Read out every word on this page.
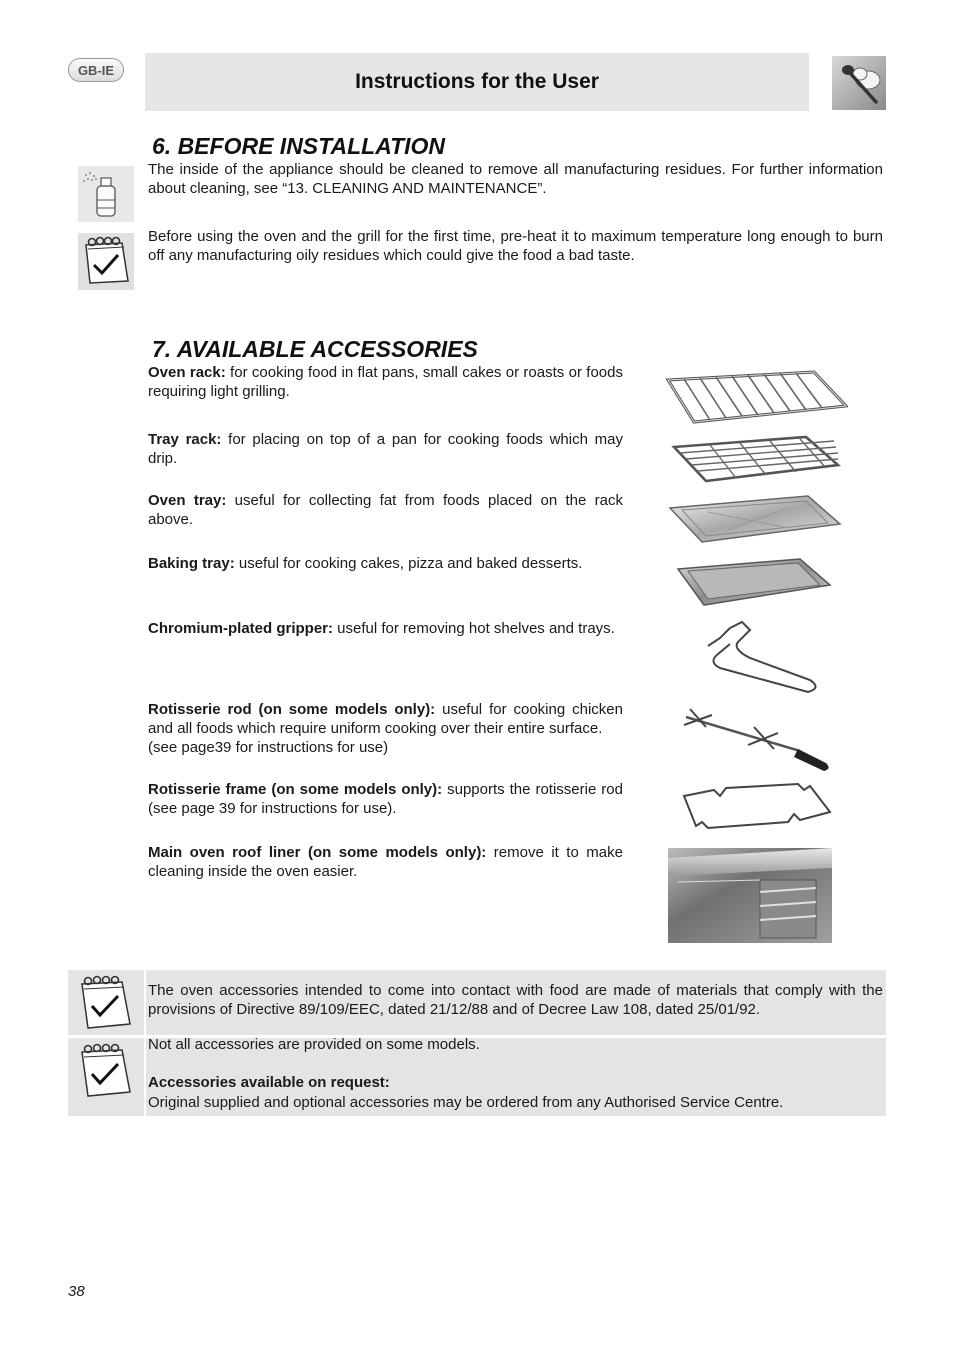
GB-IE	Instructions for the User
6. BEFORE INSTALLATION
The inside of the appliance should be cleaned to remove all manufacturing residues. For further information about cleaning, see “13. CLEANING AND MAINTENANCE”.
Before using the oven and the grill for the first time, pre-heat it to maximum temperature long enough to burn off any manufacturing oily residues which could give the food a bad taste.
7. AVAILABLE ACCESSORIES
Oven rack: for cooking food in flat pans, small cakes or roasts or foods requiring light grilling.
Tray rack: for placing on top of a pan for cooking foods which may drip.
Oven tray: useful for collecting fat from foods placed on the rack above.
Baking tray: useful for cooking cakes, pizza and baked desserts.
Chromium-plated gripper: useful for removing hot shelves and trays.
Rotisserie rod (on some models only): useful for cooking chicken and all foods which require uniform cooking over their entire surface.
(see page39 for instructions for use)
Rotisserie frame (on some models only): supports the rotisserie rod (see page 39 for instructions for use).
Main oven roof liner (on some models only): remove it to make cleaning inside the oven easier.
The oven accessories intended to come into contact with food are made of materials that comply with the provisions of Directive 89/109/EEC, dated 21/12/88 and of Decree Law 108, dated 25/01/92.
Not all accessories are provided on some models.
Accessories available on request:
Original supplied and optional accessories may be ordered from any Authorised Service Centre.
38
